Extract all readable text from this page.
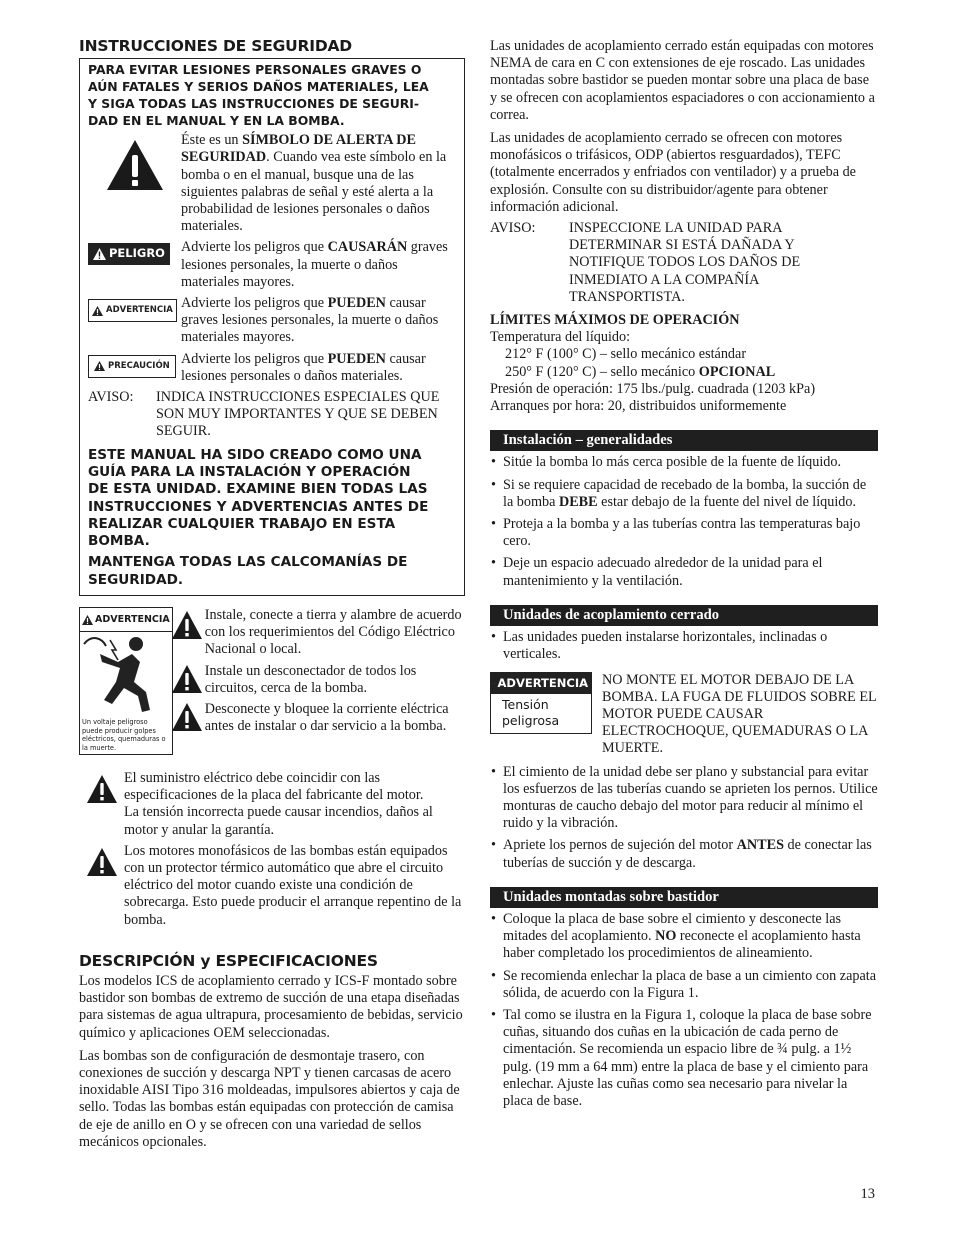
INSTRUCCIONES DE SEGURIDAD
PARA EVITAR LESIONES PERSONALES GRAVES O
AÚN FATALES Y SERIOS DAÑOS MATERIALES, LEA
Y SIGA TODAS LAS INSTRUCCIONES DE SEGURI-
DAD EN EL MANUAL Y EN LA BOMBA.
Éste es un SÍMBOLO DE ALERTA DE SEGURIDAD. Cuando vea este símbolo en la bomba o en el manual, busque una de las siguientes palabras de señal y esté alerta a la probabilidad de lesiones personales o daños materiales.
PELIGRO Advierte los peligros que CAUSARÁN graves lesiones personales, la muerte o daños materiales mayores.
ADVERTENCIA Advierte los peligros que PUEDEN causar graves lesiones personales, la muerte o daños materiales mayores.
PRECAUCIÓN Advierte los peligros que PUEDEN causar lesiones personales o daños materiales.
AVISO:	INDICA INSTRUCCIONES ESPECIALES QUE SON MUY IMPORTANTES Y QUE SE DEBEN SEGUIR.
ESTE MANUAL HA SIDO CREADO COMO UNA
GUÍA PARA LA INSTALACIÓN Y OPERACIÓN
DE ESTA UNIDAD. EXAMINE BIEN TODAS LAS
INSTRUCCIONES Y ADVERTENCIAS ANTES DE
REALIZAR CUALQUIER TRABAJO EN ESTA
BOMBA.
MANTENGA TODAS LAS CALCOMANÍAS DE
SEGURIDAD.
ADVERTENCIA
Un voltaje peligroso puede producir golpes eléctricos, quemaduras o la muerte.
Instale, conecte a tierra y alambre de acuerdo con los requerimientos del Código Eléctrico Nacional o local.
Instale un desconectador de todos los circuitos, cerca de la bomba.
Desconecte y bloquee la corriente eléctrica antes de instalar o dar servicio a la bomba.
El suministro eléctrico debe coincidir con las especificaciones de la placa del fabricante del motor.        La tensión incorrecta puede causar incendios, daños al motor y anular la garantía.
Los motores monofásicos de las bombas están equipados con un protector térmico automático que abre el circuito eléctrico del motor cuando existe una condición de sobrecarga. Esto puede producir el arranque repentino de la bomba.
DESCRIPCIÓN y ESPECIFICACIONES

Los modelos ICS de acoplamiento cerrado y ICS-F montado sobre bastidor son bombas de extremo de succión de una etapa diseñadas para sistemas de agua ultrapura, procesamiento de bebidas, servicio químico y aplicaciones OEM seleccionadas.

Las bombas son de configuración de desmontaje trasero, con conexiones de succión y descarga NPT y tienen carcasas de acero inoxidable AISI Tipo 316 moldeadas, impulsores abiertos y caja de sello. Todas las bombas están equipadas con protección de camisa de eje de anillo en O y se ofrecen con una variedad de sellos mecánicos opcionales.

Las unidades de acoplamiento cerrado están equipadas con motores NEMA de cara en C con extensiones de eje roscado. Las unidades montadas sobre bastidor se pueden montar sobre una placa de base y se ofrecen con acoplamientos espaciadores o con accionamiento a correa.

Las unidades de acoplamiento cerrado se ofrecen con motores monofásicos o trifásicos, ODP (abiertos resguardados), TEFC (totalmente encerrados y enfriados con ventilador) y a prueba de explosión. Consulte con su distribuidor/agente para obtener información adicional.

AVISO:	INSPECCIONE LA UNIDAD PARA DETERMINAR SI ESTÁ DAÑADA Y NOTIFIQUE TODOS LOS DAÑOS DE INMEDIATO A LA COMPAÑÍA TRANSPORTISTA.
LÍMITES MÁXIMOS DE OPERACIÓN
Temperatura del líquido:
212° F (100° C) – sello mecánico estándar
250° F (120° C) – sello mecánico OPCIONAL
Presión de operación: 175 lbs./pulg. cuadrada (1203 kPa)
Arranques por hora: 20, distribuidos uniformemente
Instalación – generalidades
• Sitúe la bomba lo más cerca posible de la fuente de líquido.
• Si se requiere capacidad de recebado de la bomba, la succión de la bomba DEBE estar debajo de la fuente del nivel de líquido.
• Proteja a la bomba y a las tuberías contra las temperaturas bajo cero.
• Deje un espacio adecuado alrededor de la unidad para el mantenimiento y la ventilación.
Unidades de acoplamiento cerrado
• Las unidades pueden instalarse horizontales, inclinadas o verticales.
ADVERTENCIA
Tensión peligrosa
NO MONTE EL MOTOR DEBAJO DE LA BOMBA. LA FUGA DE FLUIDOS SOBRE EL MOTOR PUEDE CAUSAR ELECTROCHOQUE, QUEMADURAS O LA MUERTE.
• El cimiento de la unidad debe ser plano y substancial para evitar los esfuerzos de las tuberías cuando se aprieten los pernos. Utilice monturas de caucho debajo del motor para reducir al mínimo el ruido y la vibración.
• Apriete los pernos de sujeción del motor ANTES de conectar las tuberías de succión y de descarga.
Unidades montadas sobre bastidor
• Coloque la placa de base sobre el cimiento y desconecte las mitades del acoplamiento. NO reconecte el acoplamiento hasta haber completado los procedimientos de alineamiento.
• Se recomienda enlechar la placa de base a un cimiento con zapata sólida, de acuerdo con la Figura 1.
• Tal como se ilustra en la Figura 1, coloque la placa de base sobre cuñas, situando dos cuñas en la ubicación de cada perno de cimentación. Se recomienda un espacio libre de ¾ pulg. a 1½ pulg. (19 mm a 64 mm) entre la placa de base y el cimiento para enlechar. Ajuste las cuñas como sea necesario para nivelar la placa de base.
13
